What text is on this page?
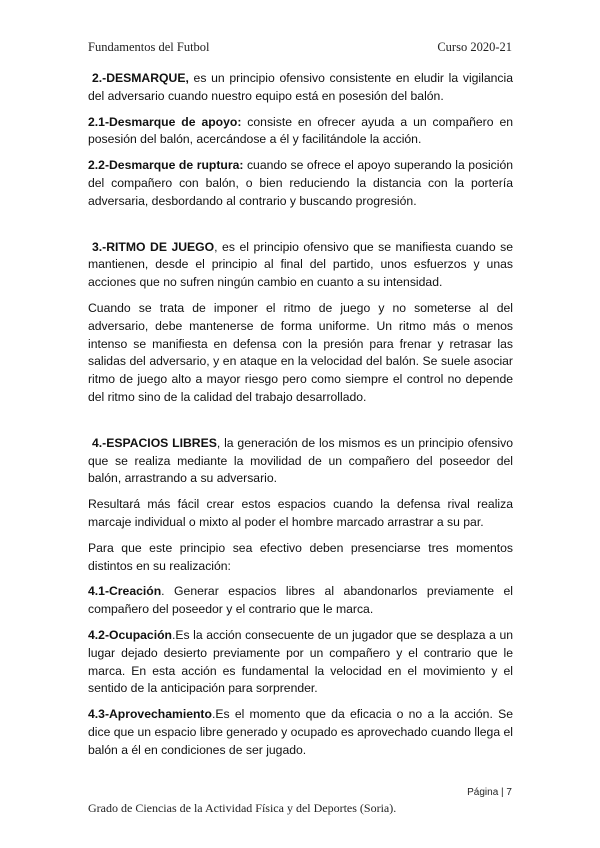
Fundamentos del Futbol	Curso 2020-21

2.-DESMARQUE, es un principio ofensivo consistente en eludir la vigilancia del adversario cuando nuestro equipo está en posesión del balón.

2.1-Desmarque de apoyo: consiste en ofrecer ayuda a un compañero en posesión del balón, acercándose a él y facilitándole la acción.

2.2-Desmarque de ruptura: cuando se ofrece el apoyo superando la posición del compañero con balón, o bien reduciendo la distancia con la portería adversaria, desbordando al contrario y buscando progresión.

3.-RITMO DE JUEGO, es el principio ofensivo que se manifiesta cuando se mantienen, desde el principio al final del partido, unos esfuerzos y unas acciones que no sufren ningún cambio en cuanto a su intensidad.

Cuando se trata de imponer el ritmo de juego y no someterse al del adversario, debe mantenerse de forma uniforme. Un ritmo más o menos intenso se manifiesta en defensa con la presión para frenar y retrasar las salidas del adversario, y en ataque en la velocidad del balón. Se suele asociar ritmo de juego alto a mayor riesgo pero como siempre el control no depende del ritmo sino de la calidad del trabajo desarrollado.

4.-ESPACIOS LIBRES, la generación de los mismos es un principio ofensivo que se realiza mediante la movilidad de un compañero del poseedor del balón, arrastrando a su adversario.

Resultará más fácil crear estos espacios cuando la defensa rival realiza marcaje individual o mixto al poder el hombre marcado arrastrar a su par.

Para que este principio sea efectivo deben presenciarse tres momentos distintos en su realización:

4.1-Creación. Generar espacios libres al abandonarlos previamente el compañero del poseedor y el contrario que le marca.

4.2-Ocupación.Es la acción consecuente de un jugador que se desplaza a un lugar dejado desierto previamente por un compañero y el contrario que le marca. En esta acción es fundamental la velocidad en el movimiento y el sentido de la anticipación para sorprender.

4.3-Aprovechamiento.Es el momento que da eficacia o no a la acción. Se dice que un espacio libre generado y ocupado es aprovechado cuando llega el balón a él en condiciones de ser jugado.

Página | 7
Grado de Ciencias de la Actividad Física y del Deportes (Soria).
